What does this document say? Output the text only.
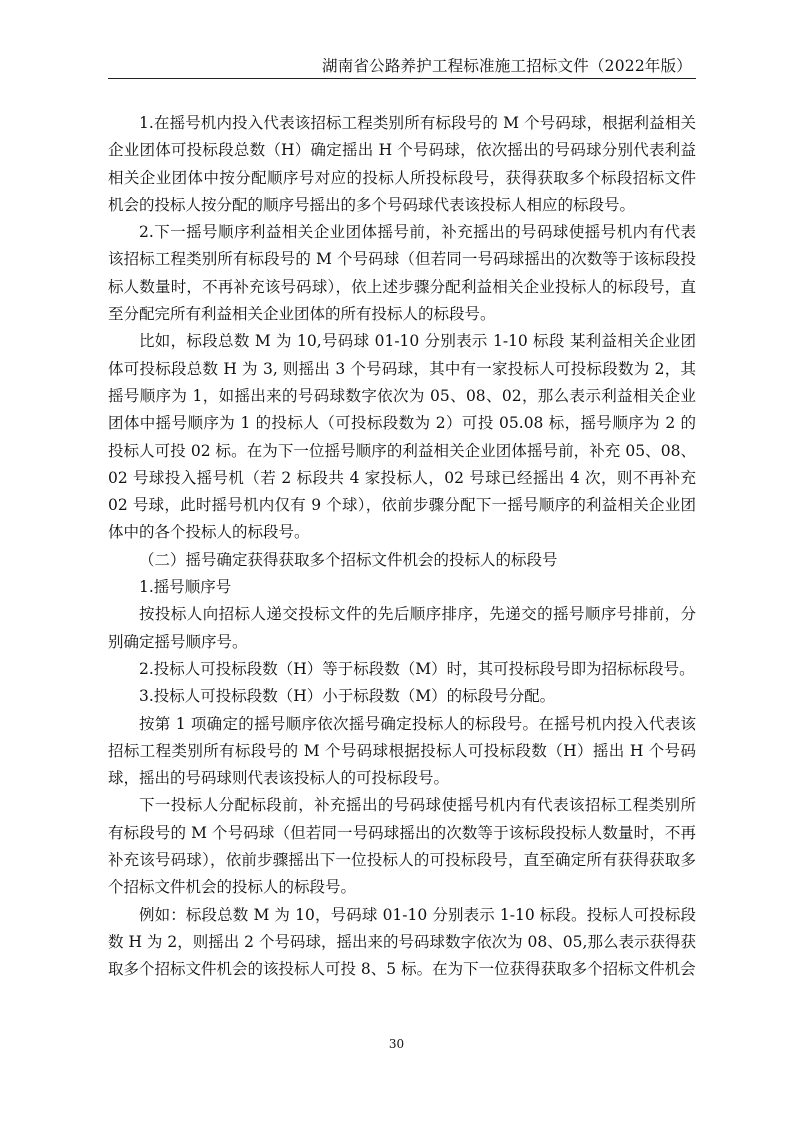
湖南省公路养护工程标准施工招标文件（2022年版）

1.在摇号机内投入代表该招标工程类别所有标段号的 M 个号码球，根据利益相关企业团体可投标段总数（H）确定摇出 H 个号码球，依次摇出的号码球分别代表利益相关企业团体中按分配顺序号对应的投标人所投标段号，获得获取多个标段招标文件机会的投标人按分配的顺序号摇出的多个号码球代表该投标人相应的标段号。

2.下一摇号顺序利益相关企业团体摇号前，补充摇出的号码球使摇号机内有代表该招标工程类别所有标段号的 M 个号码球（但若同一号码球摇出的次数等于该标段投标人数量时，不再补充该号码球），依上述步骤分配利益相关企业投标人的标段号，直至分配完所有利益相关企业团体的所有投标人的标段号。

比如，标段总数 M 为 10,号码球 01-10 分别表示 1-10 标段 某利益相关企业团体可投标段总数 H 为 3, 则摇出 3 个号码球，其中有一家投标人可投标段数为 2，其摇号顺序为 1，如摇出来的号码球数字依次为 05、08、02，那么表示利益相关企业团体中摇号顺序为 1 的投标人（可投标段数为 2）可投 05.08 标，摇号顺序为 2 的投标人可投 02 标。在为下一位摇号顺序的利益相关企业团体摇号前，补充 05、08、02 号球投入摇号机（若 2 标段共 4 家投标人，02 号球已经摇出 4 次，则不再补充 02 号球，此时摇号机内仅有 9 个球），依前步骤分配下一摇号顺序的利益相关企业团体中的各个投标人的标段号。

（二）摇号确定获得获取多个招标文件机会的投标人的标段号

1.摇号顺序号

按投标人向招标人递交投标文件的先后顺序排序，先递交的摇号顺序号排前，分别确定摇号顺序号。

2.投标人可投标段数（H）等于标段数（M）时，其可投标段号即为招标标段号。

3.投标人可投标段数（H）小于标段数（M）的标段号分配。

按第 1 项确定的摇号顺序依次摇号确定投标人的标段号。在摇号机内投入代表该招标工程类别所有标段号的 M 个号码球根据投标人可投标段数（H）摇出 H 个号码球，摇出的号码球则代表该投标人的可投标段号。

下一投标人分配标段前，补充摇出的号码球使摇号机内有代表该招标工程类别所有标段号的 M 个号码球（但若同一号码球摇出的次数等于该标段投标人数量时，不再补充该号码球），依前步骤摇出下一位投标人的可投标段号，直至确定所有获得获取多个招标文件机会的投标人的标段号。

例如：标段总数 M 为 10，号码球 01-10 分别表示 1-10 标段。投标人可投标段数 H 为 2，则摇出 2 个号码球，摇出来的号码球数字依次为 08、05,那么表示获得获取多个招标文件机会的该投标人可投 8、5 标。在为下一位获得获取多个招标文件机会

30
